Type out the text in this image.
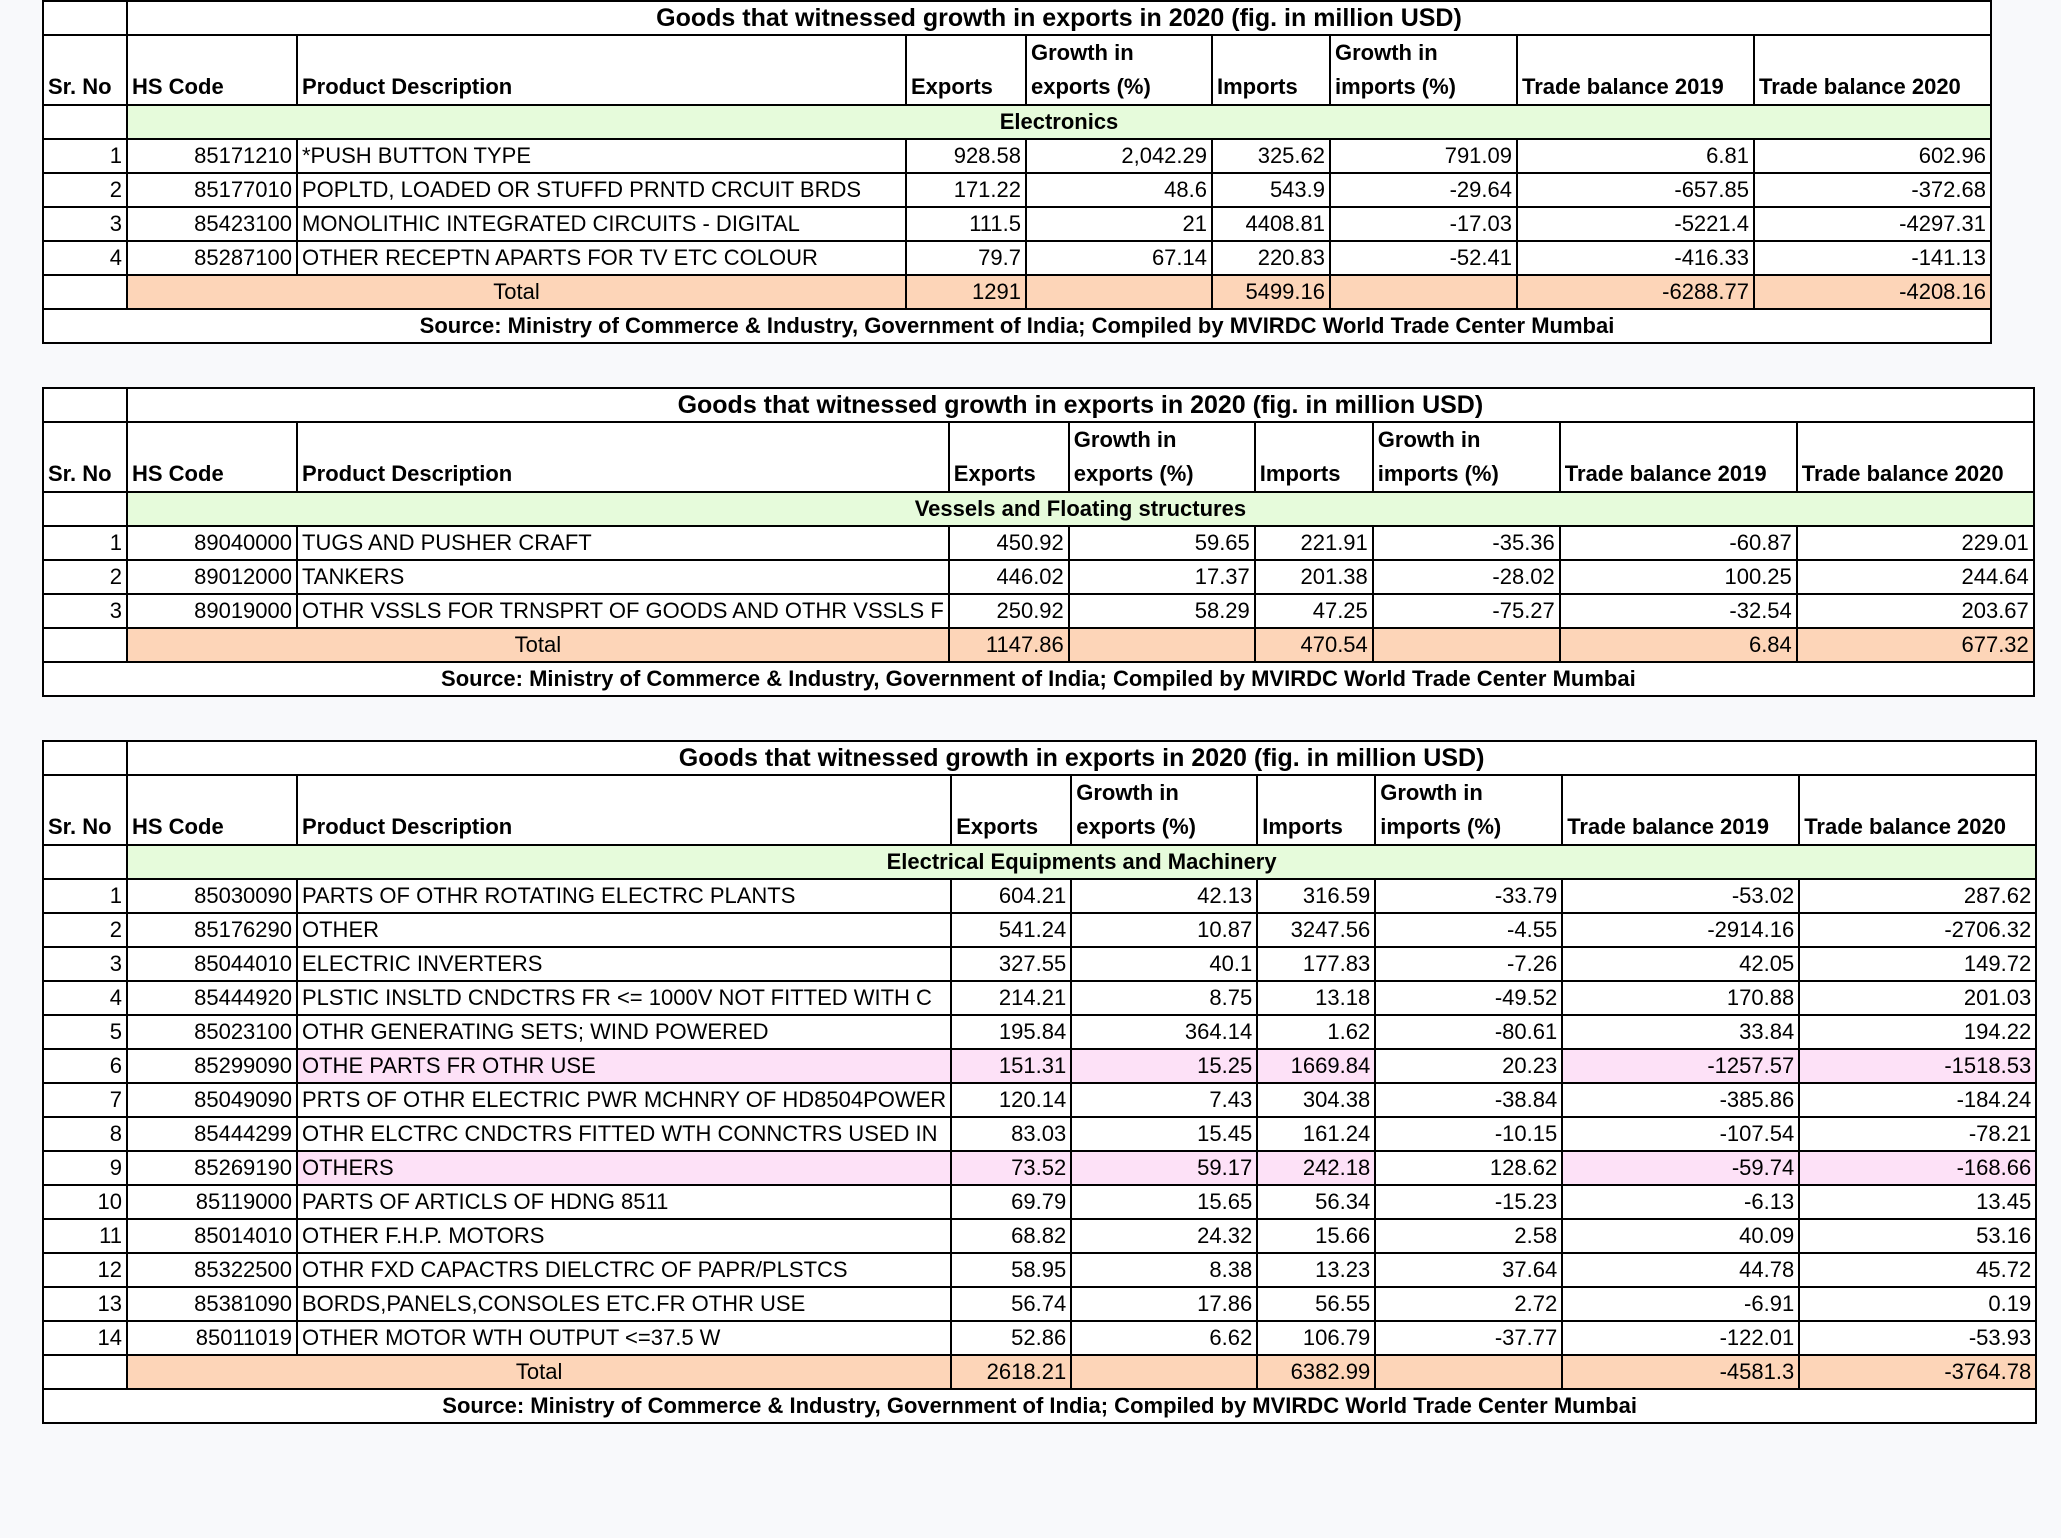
	Goods that witnessed growth in exports in 2020 (fig. in million USD)							
Sr. No	HS Code	Product Description	Exports	Growth in exports (%)	Imports	Growth in imports (%)	Trade balance 2019	Trade balance 2020
	Electronics							
1	85171210	*PUSH BUTTON TYPE	928.58	2,042.29	325.62	791.09	6.81	602.96
2	85177010	POPLTD, LOADED OR STUFFD PRNTD CRCUIT BRDS	171.22	48.6	543.9	-29.64	-657.85	-372.68
3	85423100	MONOLITHIC INTEGRATED CIRCUITS - DIGITAL	111.5	21	4408.81	-17.03	-5221.4	-4297.31
4	85287100	OTHER RECEPTN APARTS FOR TV ETC COLOUR	79.7	67.14	220.83	-52.41	-416.33	-141.13
	Total		1291		5499.16		-6288.77	-4208.16
Source: Ministry of Commerce & Industry, Government of India; Compiled by MVIRDC World Trade Center Mumbai								
	Goods that witnessed growth in exports in 2020 (fig. in million USD)							
Sr. No	HS Code	Product Description	Exports	Growth in exports (%)	Imports	Growth in imports (%)	Trade balance 2019	Trade balance 2020
	Vessels and Floating structures							
1	89040000	TUGS AND PUSHER CRAFT	450.92	59.65	221.91	-35.36	-60.87	229.01
2	89012000	TANKERS	446.02	17.37	201.38	-28.02	100.25	244.64
3	89019000	OTHR VSSLS FOR TRNSPRT OF GOODS AND OTHR VSSLS F	250.92	58.29	47.25	-75.27	-32.54	203.67
	Total		1147.86		470.54		6.84	677.32
Source: Ministry of Commerce & Industry, Government of India; Compiled by MVIRDC World Trade Center Mumbai								
	Goods that witnessed growth in exports in 2020 (fig. in million USD)							
Sr. No	HS Code	Product Description	Exports	Growth in exports (%)	Imports	Growth in imports (%)	Trade balance 2019	Trade balance 2020
	Electrical Equipments and Machinery							
1	85030090	PARTS OF OTHR ROTATING ELECTRC PLANTS	604.21	42.13	316.59	-33.79	-53.02	287.62
2	85176290	OTHER	541.24	10.87	3247.56	-4.55	-2914.16	-2706.32
3	85044010	ELECTRIC INVERTERS	327.55	40.1	177.83	-7.26	42.05	149.72
4	85444920	PLSTIC INSLTD CNDCTRS FR <= 1000V NOT FITTED WITH C	214.21	8.75	13.18	-49.52	170.88	201.03
5	85023100	OTHR GENERATING SETS; WIND POWERED	195.84	364.14	1.62	-80.61	33.84	194.22
6	85299090	OTHE PARTS FR OTHR USE	151.31	15.25	1669.84	20.23	-1257.57	-1518.53
7	85049090	PRTS OF OTHR ELECTRIC PWR MCHNRY OF HD8504POWER	120.14	7.43	304.38	-38.84	-385.86	-184.24
8	85444299	OTHR ELCTRC CNDCTRS FITTED WTH CONNCTRS USED IN	83.03	15.45	161.24	-10.15	-107.54	-78.21
9	85269190	OTHERS	73.52	59.17	242.18	128.62	-59.74	-168.66
10	85119000	PARTS OF ARTICLS OF HDNG 8511	69.79	15.65	56.34	-15.23	-6.13	13.45
11	85014010	OTHER F.H.P. MOTORS	68.82	24.32	15.66	2.58	40.09	53.16
12	85322500	OTHR FXD CAPACTRS DIELCTRC OF PAPR/PLSTCS	58.95	8.38	13.23	37.64	44.78	45.72
13	85381090	BORDS,PANELS,CONSOLES ETC.FR OTHR USE	56.74	17.86	56.55	2.72	-6.91	0.19
14	85011019	OTHER MOTOR WTH OUTPUT <=37.5 W	52.86	6.62	106.79	-37.77	-122.01	-53.93
	Total		2618.21		6382.99		-4581.3	-3764.78
Source: Ministry of Commerce & Industry, Government of India; Compiled by MVIRDC World Trade Center Mumbai								
